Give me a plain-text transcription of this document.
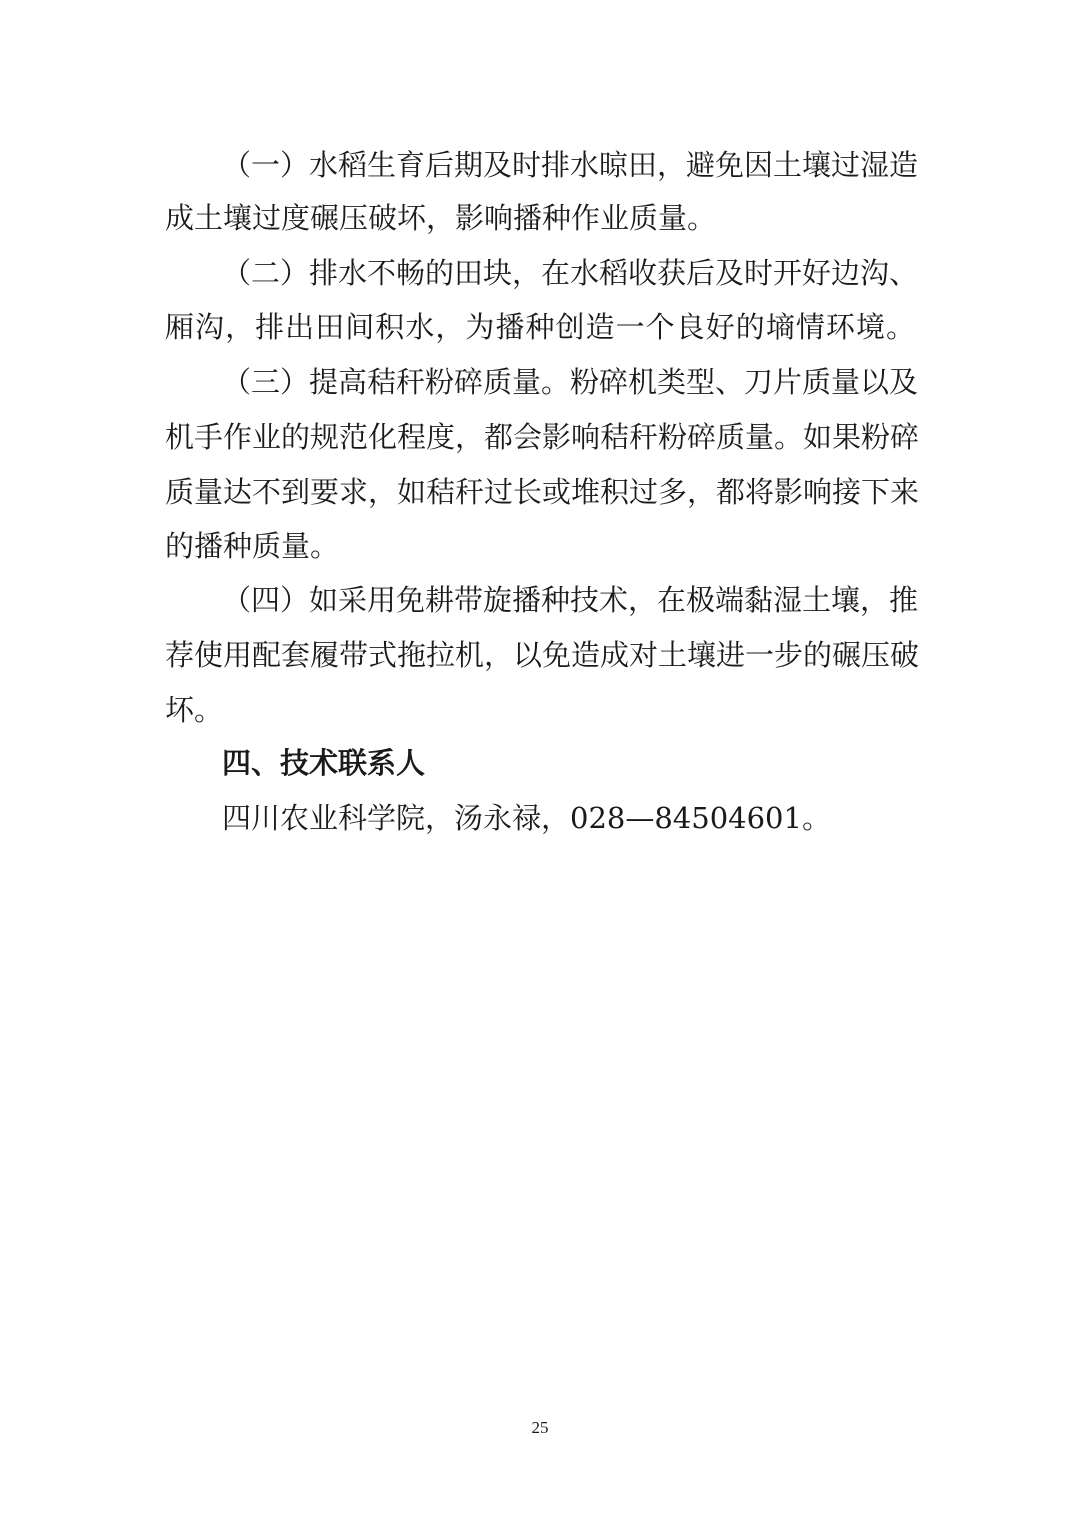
（一）水稻生育后期及时排水晾田，避免因土壤过湿造
成土壤过度碾压破坏，影响播种作业质量。
（二）排水不畅的田块，在水稻收获后及时开好边沟、
厢沟，排出田间积水，为播种创造一个良好的墒情环境。
（三）提高秸秆粉碎质量。粉碎机类型、刀片质量以及
机手作业的规范化程度，都会影响秸秆粉碎质量。如果粉碎
质量达不到要求，如秸秆过长或堆积过多，都将影响接下来
的播种质量。
（四）如采用免耕带旋播种技术，在极端黏湿土壤，推
荐使用配套履带式拖拉机，以免造成对土壤进一步的碾压破
坏。
四、技术联系人
四川农业科学院，汤永禄，028—84504601。
25
